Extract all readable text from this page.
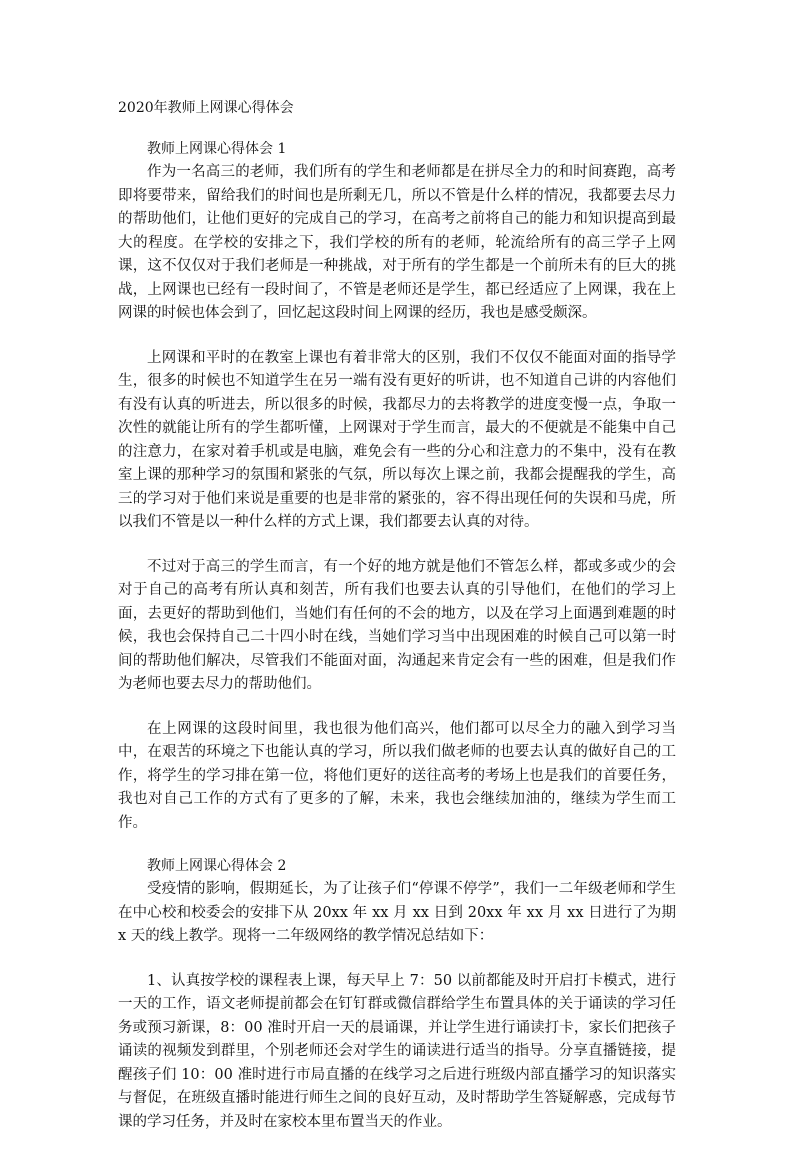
2020年教师上网课心得体会
教师上网课心得体会 1

作为一名高三的老师，我们所有的学生和老师都是在拼尽全力的和时间赛跑，高考即将要带来，留给我们的时间也是所剩无几，所以不管是什么样的情况，我都要去尽力的帮助他们，让他们更好的完成自己的学习，在高考之前将自己的能力和知识提高到最大的程度。在学校的安排之下，我们学校的所有的老师，轮流给所有的高三学子上网课，这不仅仅对于我们老师是一种挑战，对于所有的学生都是一个前所未有的巨大的挑战，上网课也已经有一段时间了，不管是老师还是学生，都已经适应了上网课，我在上网课的时候也体会到了，回忆起这段时间上网课的经历，我也是感受颇深。

上网课和平时的在教室上课也有着非常大的区别，我们不仅仅不能面对面的指导学生，很多的时候也不知道学生在另一端有没有更好的听讲，也不知道自己讲的内容他们有没有认真的听进去，所以很多的时候，我都尽力的去将教学的进度变慢一点，争取一次性的就能让所有的学生都听懂，上网课对于学生而言，最大的不便就是不能集中自己的注意力，在家对着手机或是电脑，难免会有一些的分心和注意力的不集中，没有在教室上课的那种学习的氛围和紧张的气氛，所以每次上课之前，我都会提醒我的学生，高三的学习对于他们来说是重要的也是非常的紧张的，容不得出现任何的失误和马虎，所以我们不管是以一种什么样的方式上课，我们都要去认真的对待。

不过对于高三的学生而言，有一个好的地方就是他们不管怎么样，都或多或少的会对于自己的高考有所认真和刻苦，所有我们也要去认真的引导他们，在他们的学习上面，去更好的帮助到他们，当她们有任何的不会的地方，以及在学习上面遇到难题的时候，我也会保持自己二十四小时在线，当她们学习当中出现困难的时候自己可以第一时间的帮助他们解决，尽管我们不能面对面，沟通起来肯定会有一些的困难，但是我们作为老师也要去尽力的帮助他们。

在上网课的这段时间里，我也很为他们高兴，他们都可以尽全力的融入到学习当中，在艰苦的环境之下也能认真的学习，所以我们做老师的也要去认真的做好自己的工作，将学生的学习排在第一位，将他们更好的送往高考的考场上也是我们的首要任务，我也对自己工作的方式有了更多的了解，未来，我也会继续加油的，继续为学生而工作。

教师上网课心得体会 2

受疫情的影响，假期延长，为了让孩子们“停课不停学”，我们一二年级老师和学生在中心校和校委会的安排下从 20xx 年 xx 月 xx 日到 20xx 年 xx 月 xx 日进行了为期 x 天的线上教学。现将一二年级网络的教学情况总结如下：

1、认真按学校的课程表上课，每天早上 7：50 以前都能及时开启打卡模式，进行一天的工作，语文老师提前都会在钉钉群或微信群给学生布置具体的关于诵读的学习任务或预习新课，8：00 准时开启一天的晨诵课，并让学生进行诵读打卡，家长们把孩子诵读的视频发到群里，个别老师还会对学生的诵读进行适当的指导。分享直播链接，提醒孩子们 10：00 准时进行市局直播的在线学习之后进行班级内部直播学习的知识落实与督促，在班级直播时能进行师生之间的良好互动，及时帮助学生答疑解惑，完成每节课的学习任务，并及时在家校本里布置当天的作业。
